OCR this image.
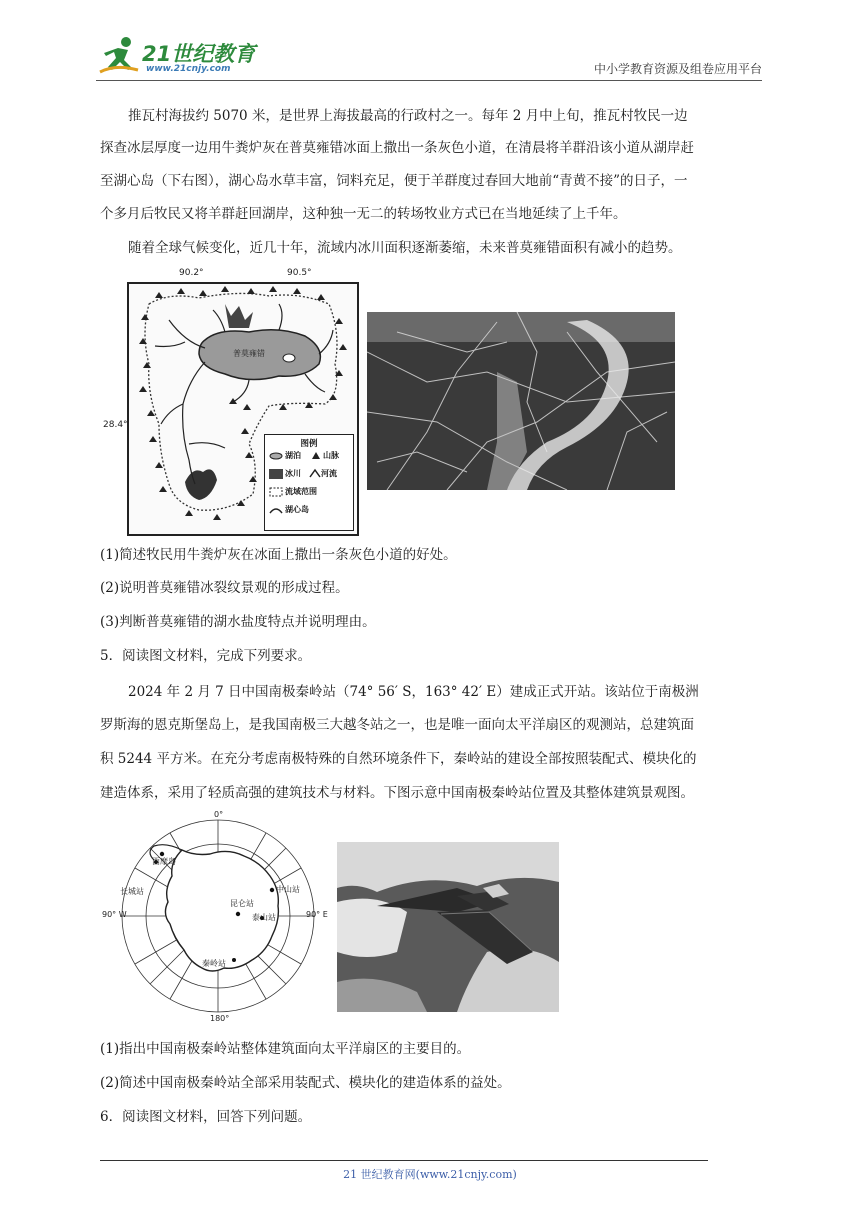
21世纪教育
www.21cnjy.com	中小学教育资源及组卷应用平台
推瓦村海拔约 5070 米，是世界上海拔最高的行政村之一。每年 2 月中上旬，推瓦村牧民一边
探查冰层厚度一边用牛粪炉灰在普莫雍错冰面上撒出一条灰色小道，在清晨将羊群沿该小道从湖岸赶
至湖心岛（下右图），湖心岛水草丰富，饲料充足，便于羊群度过春回大地前“青黄不接”的日子，一
个多月后牧民又将羊群赶回湖岸，这种独一无二的转场牧业方式已在当地延续了上千年。
随着全球气候变化，近几十年，流域内冰川面积逐渐萎缩，未来普莫雍错面积有减小的趋势。
90.2°	90.5°
28.4°
普莫雍错
图例
湖泊	山脉
冰川	河流
流域范围
湖心岛
(1)简述牧民用牛粪炉灰在冰面上撒出一条灰色小道的好处。
(2)说明普莫雍错冰裂纹景观的形成过程。
(3)判断普莫雍错的湖水盐度特点并说明理由。
5．阅读图文材料，完成下列要求。
2024 年 2 月 7 日中国南极秦岭站（74° 56′ S，163° 42′ E）建成正式开站。该站位于南极洲
罗斯海的恩克斯堡岛上，是我国南极三大越冬站之一，也是唯一面向太平洋扇区的观测站，总建筑面
积 5244 平方米。在充分考虑南极特殊的自然环境条件下，秦岭站的建设全部按照装配式、模块化的
建造体系，采用了轻质高强的建筑技术与材料。下图示意中国南极秦岭站位置及其整体建筑景观图。
0°
180°
90° W	90° E
西摩岛
长城站	中山站
昆仑站
泰山站
秦岭站
(1)指出中国南极秦岭站整体建筑面向太平洋扇区的主要目的。
(2)简述中国南极秦岭站全部采用装配式、模块化的建造体系的益处。
6．阅读图文材料，回答下列问题。
21 世纪教育网(www.21cnjy.com)
